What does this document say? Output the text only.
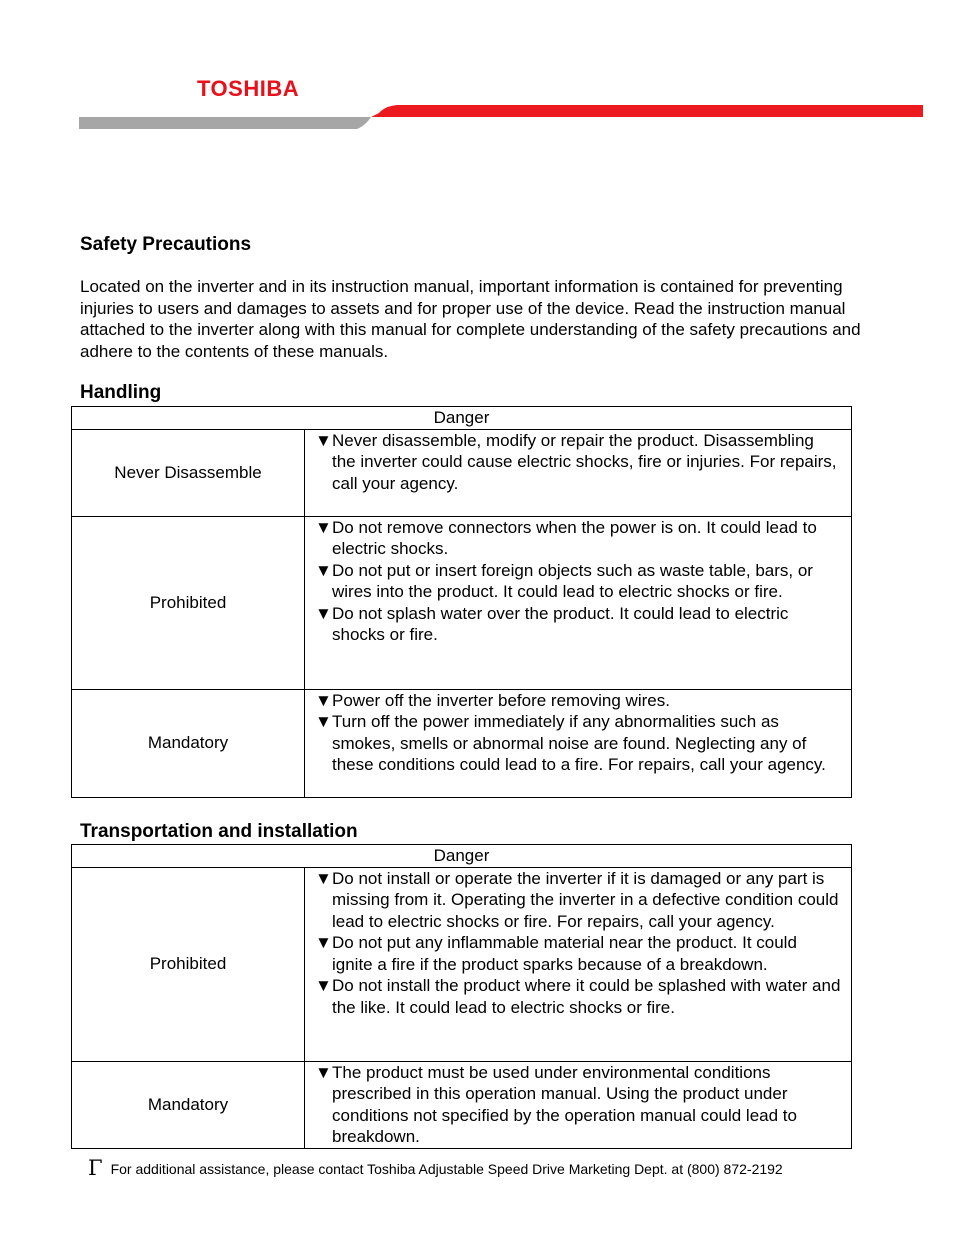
TOSHIBA
Safety Precautions

Located on the inverter and in its instruction manual, important information is contained for preventing injuries to users and damages to assets and for proper use of the device. Read the instruction manual attached to the inverter along with this manual for complete understanding of the safety precautions and adhere to the contents of these manuals.

Handling
Danger	
Never Disassemble	▼Never disassemble, modify or repair the product. Disassembling the inverter could cause electric shocks, fire or injuries. For repairs, call your agency.

Prohibited	▼Do not remove connectors when the power is on. It could lead to electric shocks.
▼Do not put or insert foreign objects such as waste table, bars, or wires into the product. It could lead to electric shocks or fire.
▼Do not splash water over the product. It could lead to electric shocks or fire.

Mandatory	▼Power off the inverter before removing wires.
▼Turn off the power immediately if any abnormalities such as smokes, smells or abnormal noise are found. Neglecting any of these conditions could lead to a fire. For repairs, call your agency.
Transportation and installation
Danger	
Prohibited	▼Do not install or operate the inverter if it is damaged or any part is missing from it. Operating the inverter in a defective condition could lead to electric shocks or fire. For repairs, call your agency.
▼Do not put any inflammable material near the product. It could ignite a fire if the product sparks because of a breakdown.
▼Do not install the product where it could be splashed with water and the like. It could lead to electric shocks or fire.

Mandatory	▼The product must be used under environmental conditions prescribed in this operation manual. Using the product under conditions not specified by the operation manual could lead to breakdown.
Γ For additional assistance, please contact Toshiba Adjustable Speed Drive Marketing Dept. at (800) 872-2192
